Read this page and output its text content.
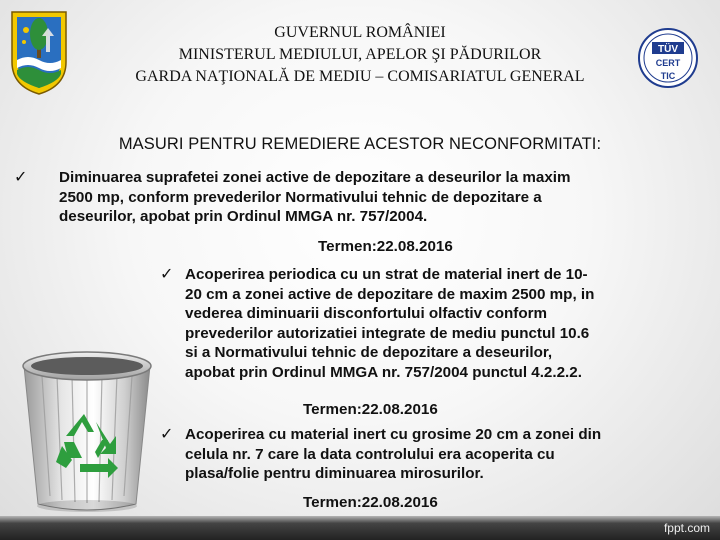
GUVERNUL ROMÂNIEI
MINISTERUL MEDIULUI, APELOR ŞI PĂDURILOR
GARDA NAŢIONALĂ DE MEDIU – COMISARIATUL GENERAL
TÜV
CERT
TIC
MASURI PENTRU REMEDIERE ACESTOR NECONFORMITATI:
✓ Diminuarea suprafetei zonei active de depozitare a deseurilor la maxim
2500 mp, conform prevederilor Normativului tehnic de depozitare a
deseurilor, apobat prin Ordinul MMGA nr. 757/2004.
Termen:22.08.2016
✓ Acoperirea periodica cu un strat de material inert de 10-
20 cm a zonei active de depozitare de maxim 2500 mp, in
vederea diminuarii disconfortului olfactiv conform
prevederilor autorizatiei integrate de mediu punctul 10.6
si a Normativului tehnic de depozitare a deseurilor,
apobat prin Ordinul MMGA nr. 757/2004 punctul 4.2.2.2.
Termen:22.08.2016
✓ Acoperirea cu material inert cu grosime 20 cm a zonei din
celula nr. 7 care la data controlului era acoperita cu
plasa/folie pentru diminuarea mirosurilor.
Termen:22.08.2016
fppt.com
